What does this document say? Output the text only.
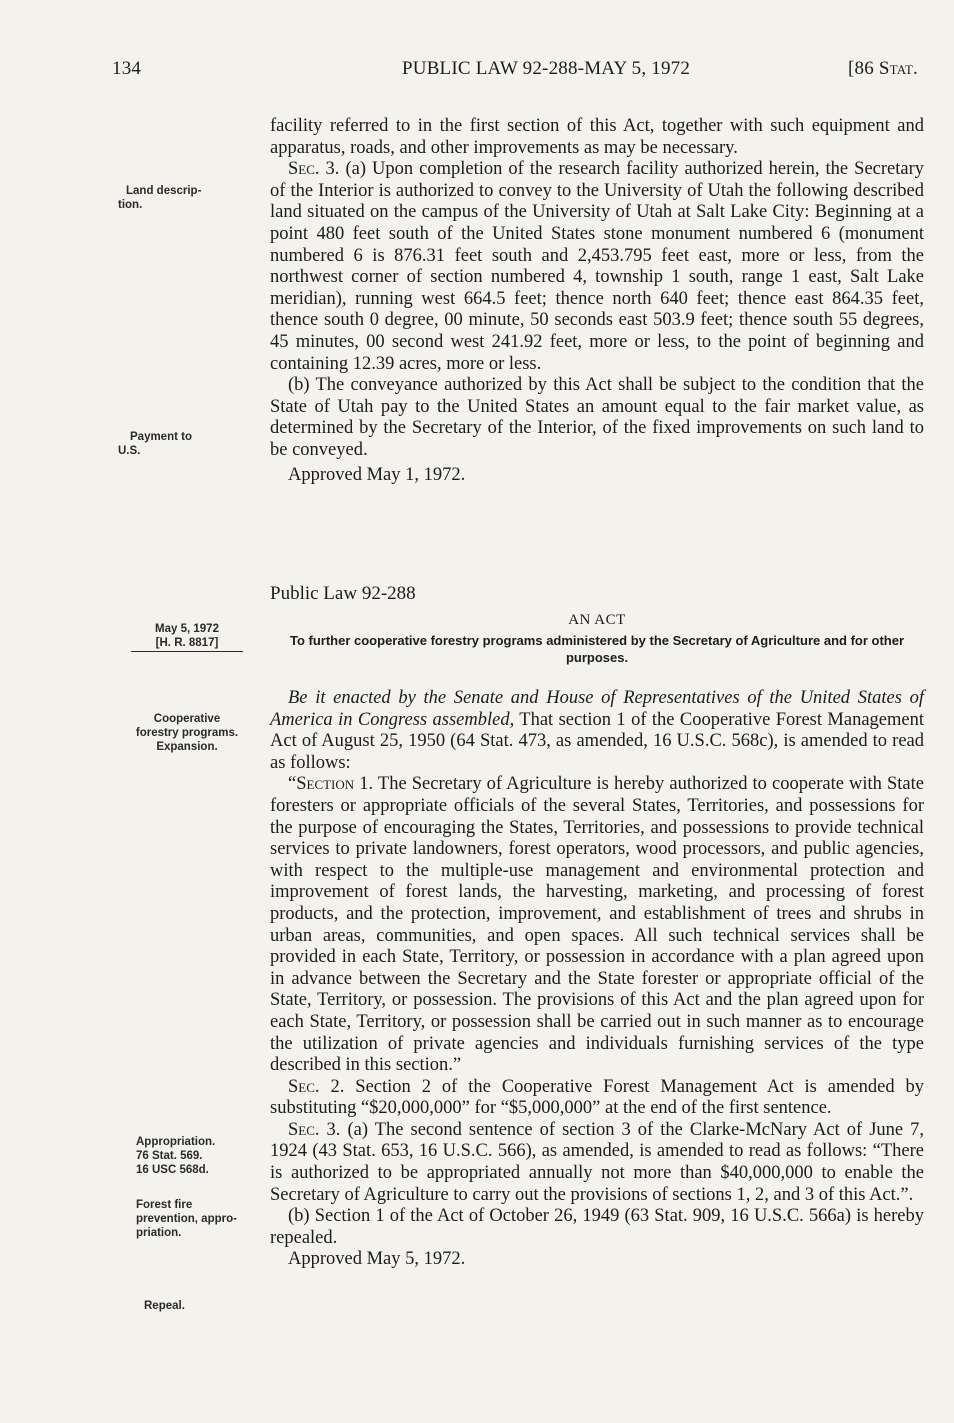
134	PUBLIC LAW 92-288-MAY 5, 1972	[86 Stat.
Land descrip-
tion.
Payment to
U.S.
May 5, 1972
[H. R. 8817]
Cooperative
forestry programs.
Expansion.
Appropriation.
76 Stat. 569.
16 USC 568d.
Forest fire
prevention, appro-
priation.
Repeal.

facility referred to in the first section of this Act, together with such equipment and apparatus, roads, and other improvements as may be necessary.

Sec. 3. (a) Upon completion of the research facility authorized herein, the Secretary of the Interior is authorized to convey to the University of Utah the following described land situated on the campus of the University of Utah at Salt Lake City: Beginning at a point 480 feet south of the United States stone monument numbered 6 (monument numbered 6 is 876.31 feet south and 2,453.795 feet east, more or less, from the northwest corner of section numbered 4, township 1 south, range 1 east, Salt Lake meridian), running west 664.5 feet; thence north 640 feet; thence east 864.35 feet, thence south 0 degree, 00 minute, 50 seconds east 503.9 feet; thence south 55 degrees, 45 minutes, 00 second west 241.92 feet, more or less, to the point of beginning and containing 12.39 acres, more or less.

(b) The conveyance authorized by this Act shall be subject to the condition that the State of Utah pay to the United States an amount equal to the fair market value, as determined by the Secretary of the Interior, of the fixed improvements on such land to be conveyed.

Approved May 1, 1972.

Public Law 92-288
AN ACT
To further cooperative forestry programs administered by the Secretary of Agriculture and for other purposes.

Be it enacted by the Senate and House of Representatives of the United States of America in Congress assembled, That section 1 of the Cooperative Forest Management Act of August 25, 1950 (64 Stat. 473, as amended, 16 U.S.C. 568c), is amended to read as follows:

“Section 1. The Secretary of Agriculture is hereby authorized to cooperate with State foresters or appropriate officials of the several States, Territories, and possessions for the purpose of encouraging the States, Territories, and possessions to provide technical services to private landowners, forest operators, wood processors, and public agencies, with respect to the multiple-use management and environmental protection and improvement of forest lands, the harvesting, marketing, and processing of forest products, and the protection, improvement, and establishment of trees and shrubs in urban areas, communities, and open spaces. All such technical services shall be provided in each State, Territory, or possession in accordance with a plan agreed upon in advance between the Secretary and the State forester or appropriate official of the State, Territory, or possession. The provisions of this Act and the plan agreed upon for each State, Territory, or possession shall be carried out in such manner as to encourage the utilization of private agencies and individuals furnishing services of the type described in this section.”

Sec. 2. Section 2 of the Cooperative Forest Management Act is amended by substituting “$20,000,000” for “$5,000,000” at the end of the first sentence.

Sec. 3. (a) The second sentence of section 3 of the Clarke-McNary Act of June 7, 1924 (43 Stat. 653, 16 U.S.C. 566), as amended, is amended to read as follows: “There is authorized to be appropriated annually not more than $40,000,000 to enable the Secretary of Agriculture to carry out the provisions of sections 1, 2, and 3 of this Act.”.

(b) Section 1 of the Act of October 26, 1949 (63 Stat. 909, 16 U.S.C. 566a) is hereby repealed.

Approved May 5, 1972.
